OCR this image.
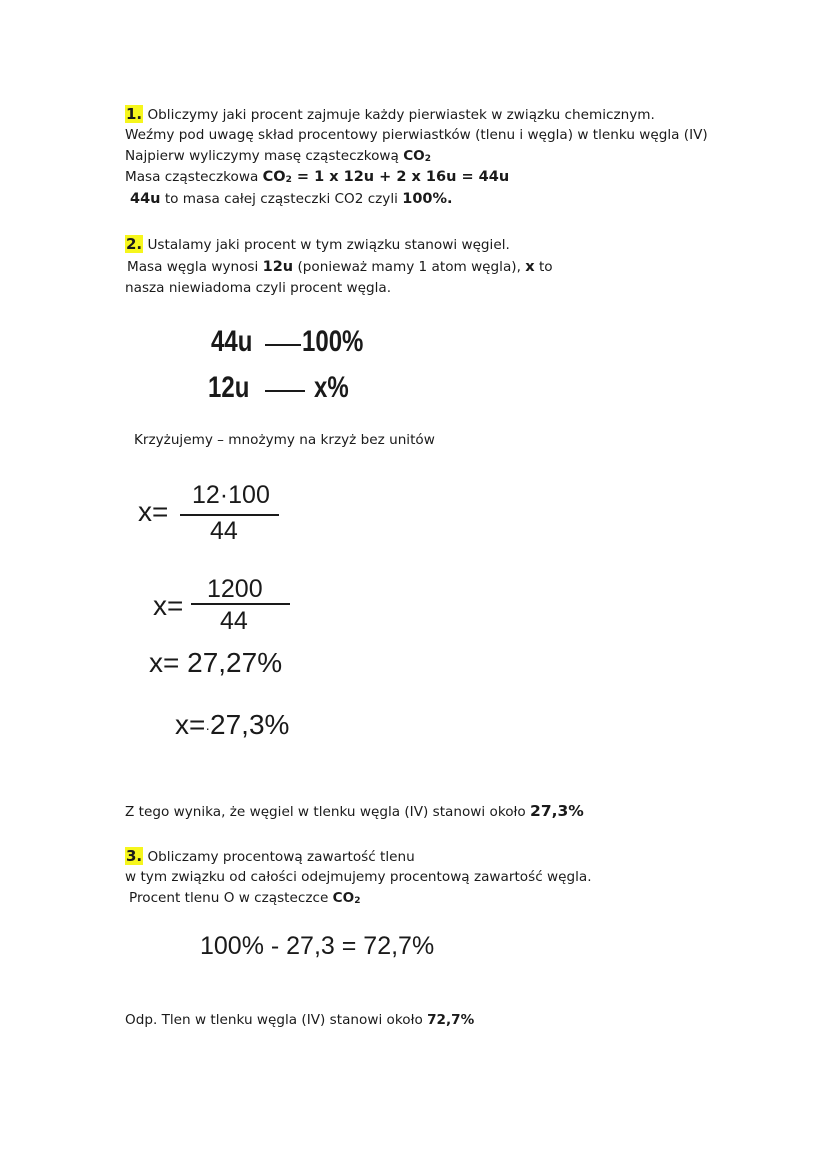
1. Obliczymy jaki procent zajmuje każdy pierwiastek w związku chemicznym.
Weźmy pod uwagę skład procentowy pierwiastków (tlenu i węgla) w tlenku węgla (IV)
Najpierw wyliczymy masę cząsteczkową $CO_2$
Masa cząsteczkowa $CO_2 = 1$ x 12u + 2 x 16u = 44u
44u to masa całej cząsteczki CO2 czyli 100%.
2. Ustalamy jaki procent w tym związku stanowi węgiel.
Masa węgla wynosi 12u (ponieważ mamy 1 atom węgla), x to
nasza niewiadoma czyli procent węgla.
44u	100%
12u	x%
Krzyżujemy – mnożymy na krzyż bez unitów
x=
12·100
44
x=
1200
44
x= 27,27%
x=·27,3%
Z tego wynika, że węgiel w tlenku węgla (IV) stanowi około 27,3%
3. Obliczamy procentową zawartość tlenu
w tym związku od całości odejmujemy procentową zawartość węgla.
Procent tlenu O w cząsteczce $CO_2$
100% - 27,3 = 72,7%
Odp. Tlen w tlenku węgla (IV) stanowi około 72,7%
